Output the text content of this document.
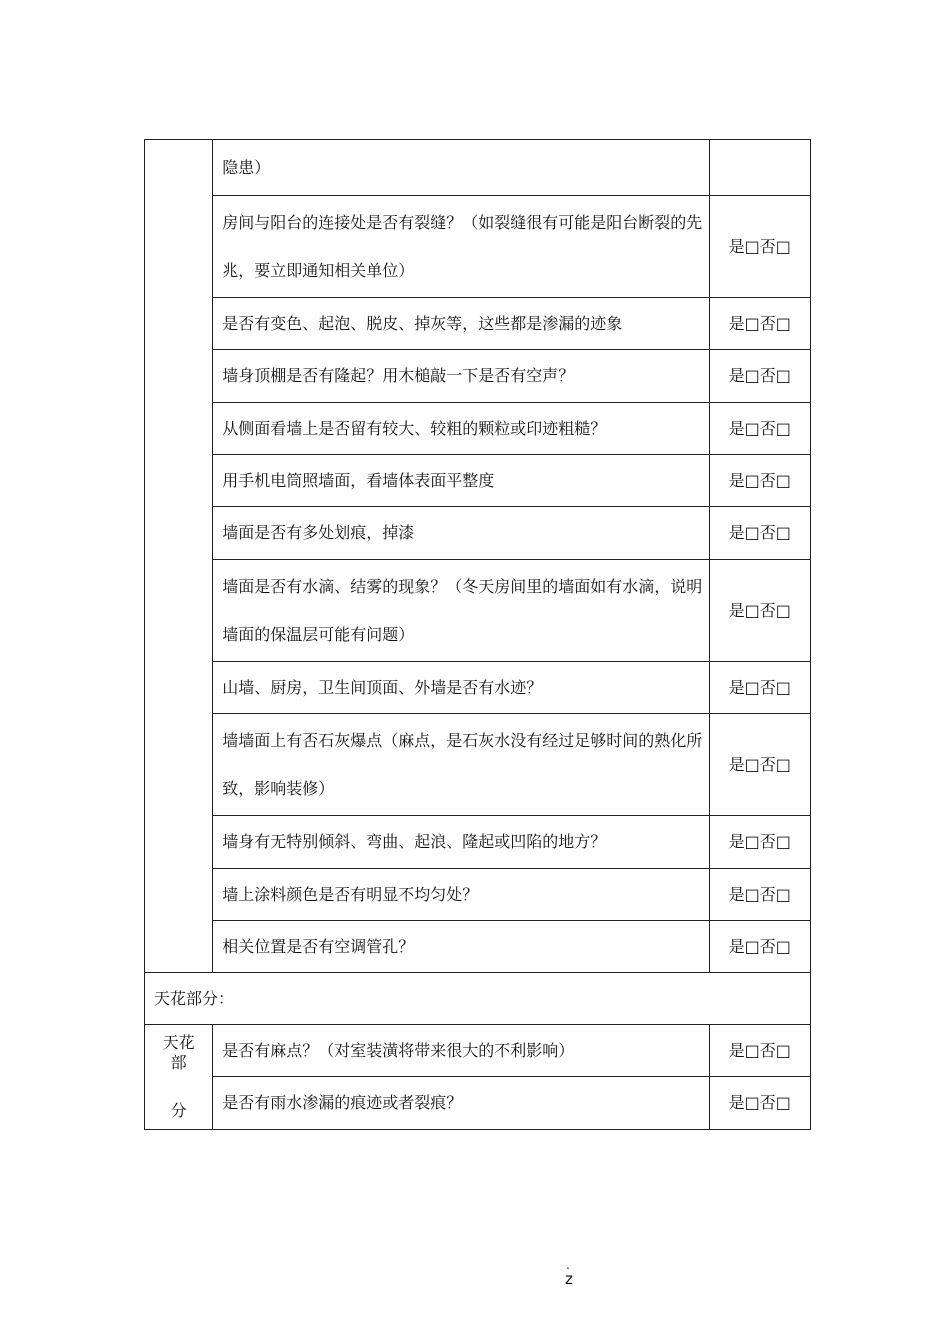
	隐患）	

	房间与阳台的连接处是否有裂缝？（如裂缝很有可能是阳台断裂的先兆，要立即通知相关单位）	是□否□

	是否有变色、起泡、脱皮、掉灰等，这些都是渗漏的迹象	是□否□

	墙身顶棚是否有隆起？用木槌敲一下是否有空声？	是□否□

	从侧面看墙上是否留有较大、较粗的颗粒或印迹粗糙？	是□否□

	用手机电筒照墙面，看墙体表面平整度	是□否□

	墙面是否有多处划痕，掉漆	是□否□

	墙面是否有水滴、结雾的现象？（冬天房间里的墙面如有水滴，说明墙面的保温层可能有问题）	是□否□

	山墙、厨房，卫生间顶面、外墙是否有水迹？	是□否□

	墙墙面上有否石灰爆点（麻点，是石灰水没有经过足够时间的熟化所致，影响装修）	是□否□

	墙身有无特别倾斜、弯曲、起浪、隆起或凹陷的地方？	是□否□

	墙上涂料颜色是否有明显不均匀处？	是□否□

	相关位置是否有空调管孔？	是□否□
天花部分：		

天花
部
分	是否有麻点？（对室装潢将带来很大的不利影响）	是□否□

	是否有雨水渗漏的痕迹或者裂痕？	是□否□
.
z
